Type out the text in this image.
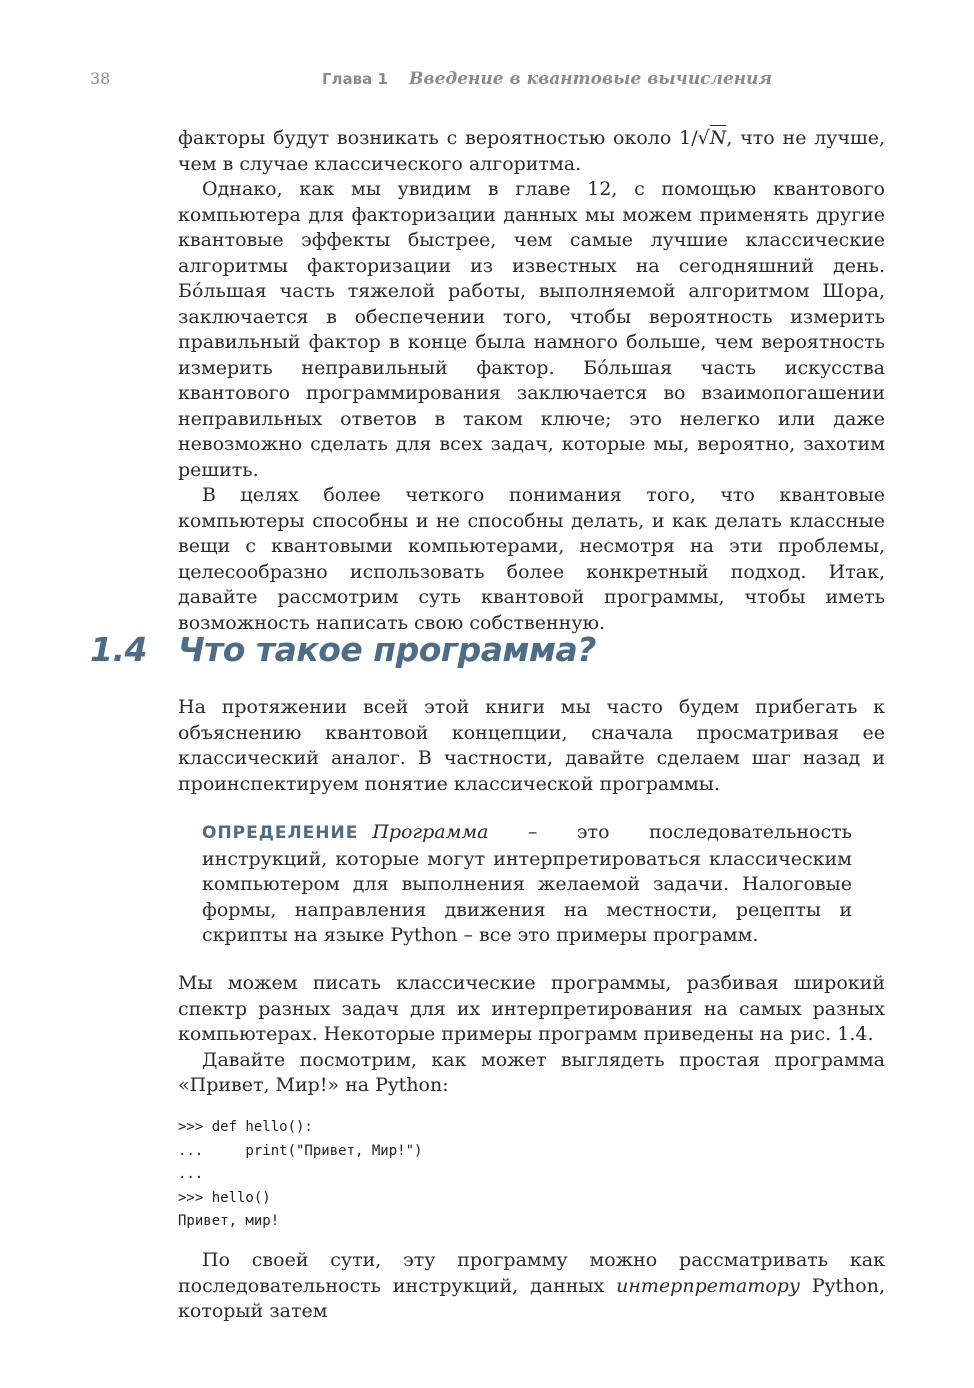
38	Глава 1 Введение в квантовые вычисления

факторы будут возникать с вероятностью около 1/√N, что не лучше, чем в случае классического алгоритма.

Однако, как мы увидим в главе 12, с помощью квантового компьютера для факторизации данных мы можем применять другие квантовые эффекты быстрее, чем самые лучшие классические алгоритмы факторизации из известных на сегодняшний день. Бо́льшая часть тяжелой работы, выполняемой алгоритмом Шора, заключается в обеспечении того, чтобы вероятность измерить правильный фактор в конце была намного больше, чем вероятность измерить неправильный фактор. Бо́льшая часть искусства квантового программирования заключается во взаимопогашении неправильных ответов в таком ключе; это нелегко или даже невозможно сделать для всех задач, которые мы, вероятно, захотим решить.

В целях более четкого понимания того, что квантовые компьютеры способны и не способны делать, и как делать классные вещи с квантовыми компьютерами, несмотря на эти проблемы, целесообразно использовать более конкретный подход. Итак, давайте рассмотрим суть квантовой программы, чтобы иметь возможность написать свою собственную.

1.4 Что такое программа?

На протяжении всей этой книги мы часто будем прибегать к объяснению квантовой концепции, сначала просматривая ее классический аналог. В частности, давайте сделаем шаг назад и проинспектируем понятие классической программы.

ОПРЕДЕЛЕНИЕ Программа – это последовательность инструкций, которые могут интерпретироваться классическим компьютером для выполнения желаемой задачи. Налоговые формы, направления движения на местности, рецепты и скрипты на языке Python – все это примеры программ.

Мы можем писать классические программы, разбивая широкий спектр разных задач для их интерпретирования на самых разных компьютерах. Некоторые примеры программ приведены на рис. 1.4.

Давайте посмотрим, как может выглядеть простая программа «Привет, Мир!» на Python:

>>> def hello():
...     print("Привет, Мир!")
...
>>> hello()
Привет, мир!

По своей сути, эту программу можно рассматривать как последовательность инструкций, данных интерпретатору Python, который затем
